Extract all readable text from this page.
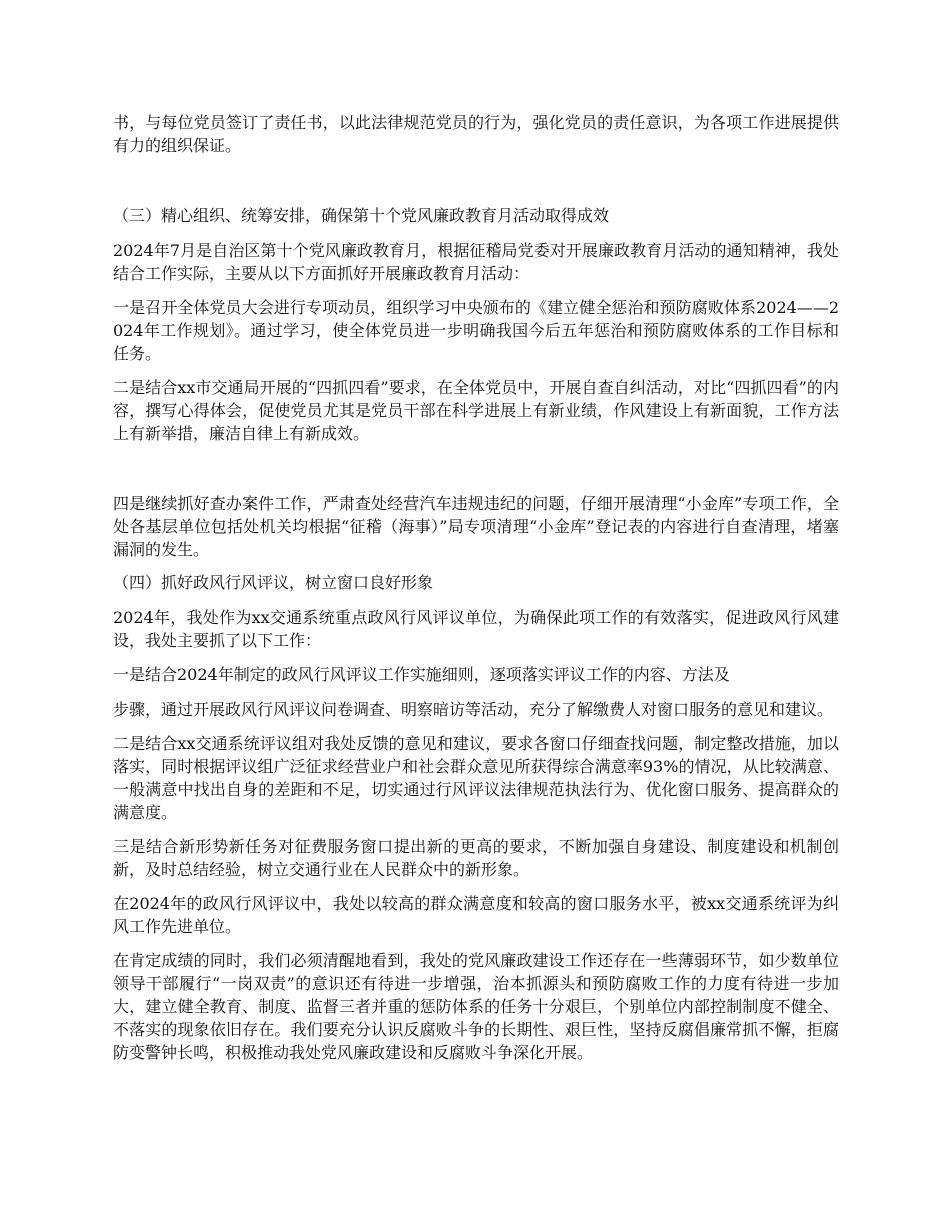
书，与每位党员签订了责任书，以此法律规范党员的行为，强化党员的责任意识，为各项工作进展提供有力的组织保证。

（三）精心组织、统筹安排，确保第十个党风廉政教育月活动取得成效

2024年7月是自治区第十个党风廉政教育月，根据征稽局党委对开展廉政教育月活动的通知精神，我处结合工作实际，主要从以下方面抓好开展廉政教育月活动：

一是召开全体党员大会进行专项动员，组织学习中央颁布的《建立健全惩治和预防腐败体系2024——2024年工作规划》。通过学习，使全体党员进一步明确我国今后五年惩治和预防腐败体系的工作目标和任务。

二是结合xx市交通局开展的“四抓四看”要求，在全体党员中，开展自查自纠活动，对比“四抓四看”的内容，撰写心得体会，促使党员尤其是党员干部在科学进展上有新业绩，作风建设上有新面貌，工作方法上有新举措，廉洁自律上有新成效。

四是继续抓好查办案件工作，严肃查处经营汽车违规违纪的问题，仔细开展清理“小金库”专项工作，全处各基层单位包括处机关均根据“征稽（海事）”局专项清理“小金库”登记表的内容进行自查清理，堵塞漏洞的发生。

（四）抓好政风行风评议，树立窗口良好形象

2024年，我处作为xx交通系统重点政风行风评议单位，为确保此项工作的有效落实，促进政风行风建设，我处主要抓了以下工作：

一是结合2024年制定的政风行风评议工作实施细则，逐项落实评议工作的内容、方法及

步骤，通过开展政风行风评议问卷调查、明察暗访等活动，充分了解缴费人对窗口服务的意见和建议。

二是结合xx交通系统评议组对我处反馈的意见和建议，要求各窗口仔细查找问题，制定整改措施，加以落实，同时根据评议组广泛征求经营业户和社会群众意见所获得综合满意率93%的情况，从比较满意、一般满意中找出自身的差距和不足，切实通过行风评议法律规范执法行为、优化窗口服务、提高群众的满意度。

三是结合新形势新任务对征费服务窗口提出新的更高的要求，不断加强自身建设、制度建设和机制创新，及时总结经验，树立交通行业在人民群众中的新形象。

在2024年的政风行风评议中，我处以较高的群众满意度和较高的窗口服务水平，被xx交通系统评为纠风工作先进单位。

在肯定成绩的同时，我们必须清醒地看到，我处的党风廉政建设工作还存在一些薄弱环节，如少数单位领导干部履行“一岗双责”的意识还有待进一步增强，治本抓源头和预防腐败工作的力度有待进一步加大，建立健全教育、制度、监督三者并重的惩防体系的任务十分艰巨，个别单位内部控制制度不健全、不落实的现象依旧存在。我们要充分认识反腐败斗争的长期性、艰巨性，坚持反腐倡廉常抓不懈，拒腐防变警钟长鸣，积极推动我处党风廉政建设和反腐败斗争深化开展。
